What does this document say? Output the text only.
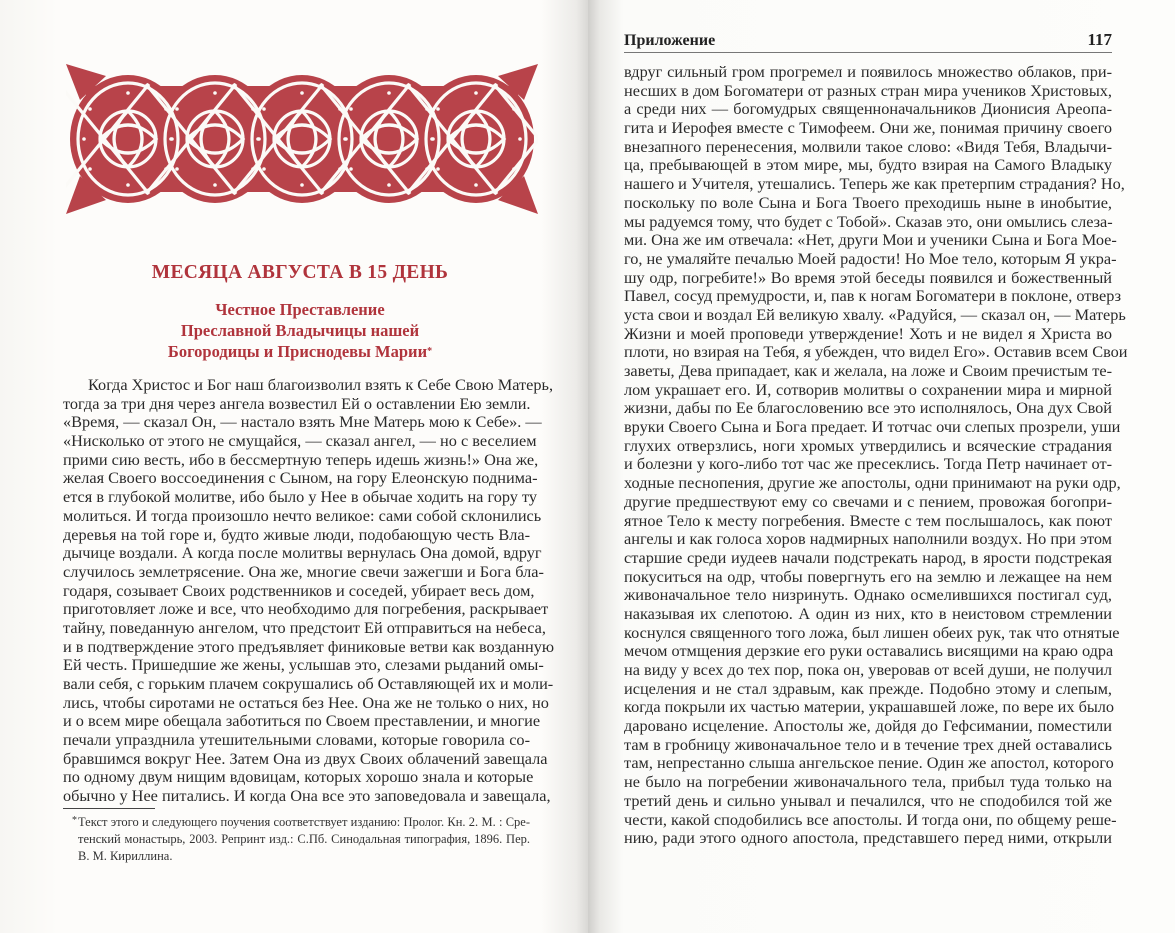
МЕСЯЦА АВГУСТА В 15 ДЕНЬ
Честное Преставление
Преславной Владычицы нашей
Богородицы и Приснодевы Марии*
Когда Христос и Бог наш благоизволил взять к Себе Свою Матерь,
тогда за три дня через ангела возвестил Ей о оставлении Ею земли.
«Время, — сказал Он, — настало взять Мне Матерь мою к Себе». —
«Нисколько от этого не смущайся, — сказал ангел, — но с веселием
прими сию весть, ибо в бессмертную теперь идешь жизнь!» Она же,
желая Своего воссоединения с Сыном, на гору Елеонскую поднима-
ется в глубокой молитве, ибо было у Нее в обычае ходить на гору ту
молиться. И тогда произошло нечто великое: сами собой склонились
деревья на той горе и, будто живые люди, подобающую честь Вла-
дычице воздали. А когда после молитвы вернулась Она домой, вдруг
случилось землетрясение. Она же, многие свечи зажегши и Бога бла-
годаря, созывает Своих родственников и соседей, убирает весь дом,
приготовляет ложе и все, что необходимо для погребения, раскрывает
тайну, поведанную ангелом, что предстоит Ей отправиться на небеса,
и в подтверждение этого предъявляет финиковые ветви как возданную
Ей честь. Пришедшие же жены, услышав это, слезами рыданий омы-
вали себя, с горьким плачем сокрушались об Оставляющей их и моли-
лись, чтобы сиротами не остаться без Нее. Она же не только о них, но
и о всем мире обещала заботиться по Своем преставлении, и многие
печали упразднила утешительными словами, которые говорила со-
бравшимся вокруг Нее. Затем Она из двух Своих облачений завещала
по одному двум нищим вдовицам, которых хорошо знала и которые
обычно у Нее питались. И когда Она все это заповедовала и завещала,
* Текст этого и следующего поучения соответствует изданию: Пролог. Кн. 2. М. : Сре-
тенский монастырь, 2003. Репринт изд.: С.Пб. Синодальная типография, 1896. Пер.
В. М. Кириллина.
Приложение	117
вдруг сильный гром прогремел и появилось множество облаков, при-
несших в дом Богоматери от разных стран мира учеников Христовых,
а среди них — богомудрых священноначальников Дионисия Ареопа-
гита и Иерофея вместе с Тимофеем. Они же, понимая причину своего
внезапного перенесения, молвили такое слово: «Видя Тебя, Владычи-
ца, пребывающей в этом мире, мы, будто взирая на Самого Владыку
нашего и Учителя, утешались. Теперь же как претерпим страдания? Но,
поскольку по воле Сына и Бога Твоего преходишь ныне в инобытие,
мы радуемся тому, что будет с Тобой». Сказав это, они омылись слеза-
ми. Она же им отвечала: «Нет, други Мои и ученики Сына и Бога Мое-
го, не умаляйте печалью Моей радости! Но Мое тело, которым Я укра-
шу одр, погребите!» Во время этой беседы появился и божественный
Павел, сосуд премудрости, и, пав к ногам Богоматери в поклоне, отверз
уста свои и воздал Ей великую хвалу. «Радуйся, — сказал он, — Матерь
Жизни и моей проповеди утверждение! Хоть и не видел я Христа во
плоти, но взирая на Тебя, я убежден, что видел Его». Оставив всем Свои
заветы, Дева припадает, как и желала, на ложе и Своим пречистым те-
лом украшает его. И, сотворив молитвы о сохранении мира и мирной
жизни, дабы по Ее благословению все это исполнялось, Она дух Свой
вруки Своего Сына и Бога предает. И тотчас очи слепых прозрели, уши
глухих отверзлись, ноги хромых утвердились и всяческие страдания
и болезни у кого-либо тот час же пресеклись. Тогда Петр начинает от-
ходные песнопения, другие же апостолы, одни принимают на руки одр,
другие предшествуют ему со свечами и с пением, провожая богопри-
ятное Тело к месту погребения. Вместе с тем послышалось, как поют
ангелы и как голоса хоров надмирных наполнили воздух. Но при этом
старшие среди иудеев начали подстрекать народ, в ярости подстрекая
покуситься на одр, чтобы повергнуть его на землю и лежащее на нем
живоначальное тело низринуть. Однако осмелившихся постигал суд,
наказывая их слепотою. А один из них, кто в неистовом стремлении
коснулся священного того ложа, был лишен обеих рук, так что отнятые
мечом отмщения дерзкие его руки оставались висящими на краю одра
на виду у всех до тех пор, пока он, уверовав от всей души, не получил
исцеления и не стал здравым, как прежде. Подобно этому и слепым,
когда покрыли их частью материи, украшавшей ложе, по вере их было
даровано исцеление. Апостолы же, дойдя до Гефсимании, поместили
там в гробницу живоначальное тело и в течение трех дней оставались
там, непрестанно слыша ангельское пение. Один же апостол, которого
не было на погребении живоначального тела, прибыл туда только на
третий день и сильно унывал и печалился, что не сподобился той же
чести, какой сподобились все апостолы. И тогда они, по общему реше-
нию, ради этого одного апостола, представшего перед ними, открыли
